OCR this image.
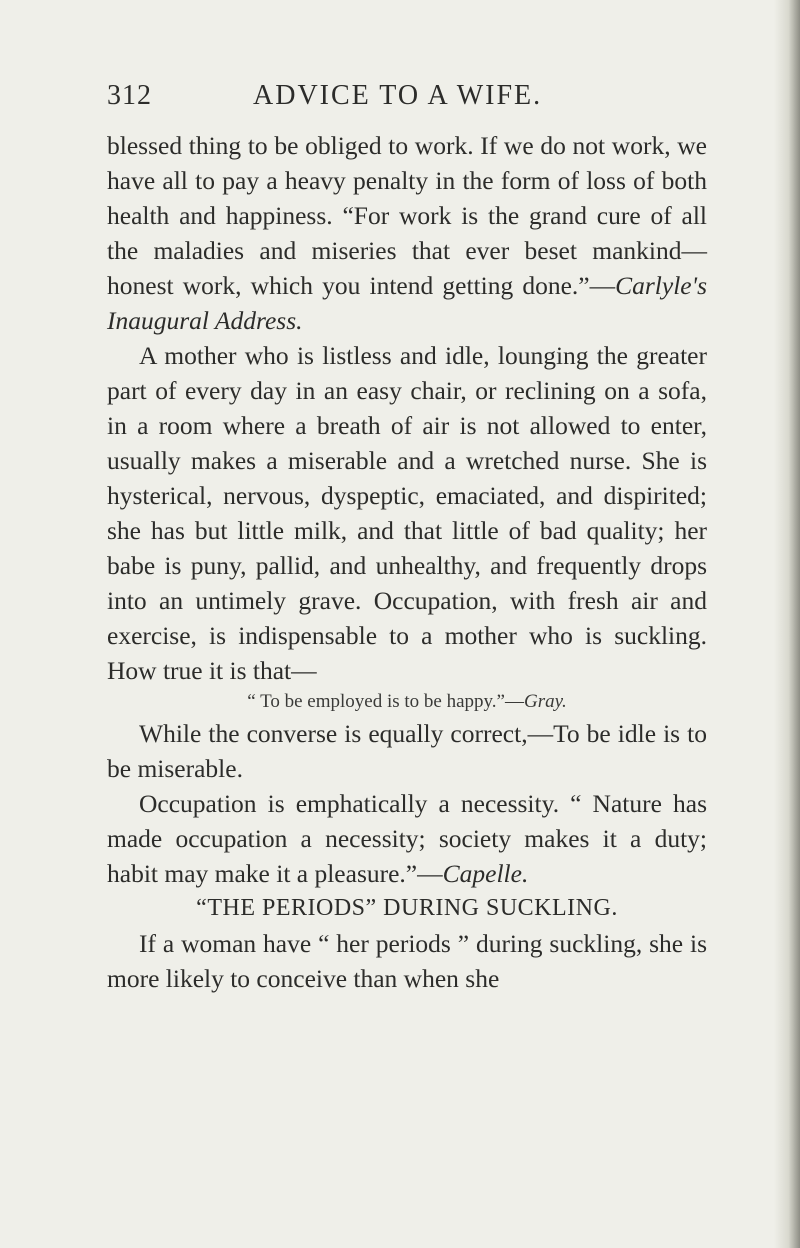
312	ADVICE TO A WIFE.

blessed thing to be obliged to work. If we do not work, we have all to pay a heavy penalty in the form of loss of both health and happiness. “For work is the grand cure of all the maladies and miseries that ever beset mankind—honest work, which you intend getting done.”—Carlyle's Inaugural Address.

A mother who is listless and idle, lounging the greater part of every day in an easy chair, or reclining on a sofa, in a room where a breath of air is not allowed to enter, usually makes a miserable and a wretched nurse. She is hysterical, nervous, dyspeptic, emaciated, and dispirited; she has but little milk, and that little of bad quality; her babe is puny, pallid, and unhealthy, and frequently drops into an untimely grave. Occupation, with fresh air and exercise, is indispensable to a mother who is suckling. How true it is that—

“ To be employed is to be happy.”—Gray.

While the converse is equally correct,—To be idle is to be miserable.

Occupation is emphatically a necessity. “ Nature has made occupation a necessity; society makes it a duty; habit may make it a pleasure.”—Capelle.

“THE PERIODS” DURING SUCKLING.

If a woman have “ her periods ” during suckling, she is more likely to conceive than when she
